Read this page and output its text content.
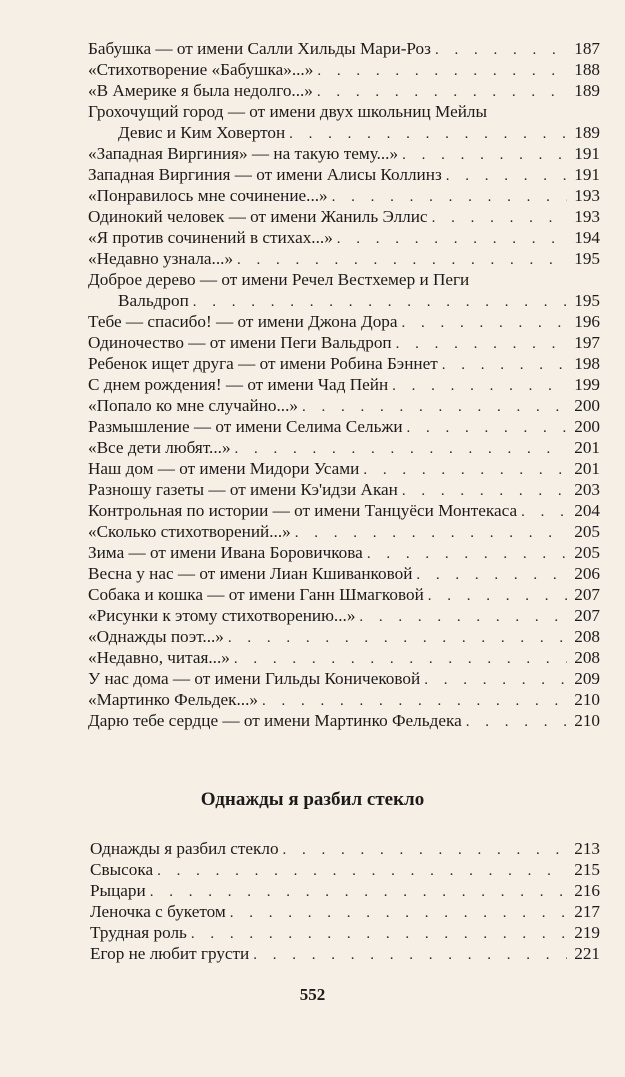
Бабушка — от имени Салли Хильды Мари-Роз . . .	187
«Стихотворение «Бабушка»...» . . .	188
«В Америке я была недолго...» . . .	189
Грохочущий город — от имени двух школьниц Мейлы
Девис и Ким Ховертон . . .	189
«Западная Виргиния» — на такую тему...» . . .	191
Западная Виргиния — от имени Алисы Коллинз . . .	191
«Понравилось мне сочинение...» . . .	193
Одинокий человек — от имени Жаниль Эллис . . .	193
«Я против сочинений в стихах...» . . .	194
«Недавно узнала...» . . .	195
Доброе дерево — от имени Речел Вестхемер и Пеги
Вальдроп . . .	195
Тебе — спасибо! — от имени Джона Дора . . .	196
Одиночество — от имени Пеги Вальдроп . . .	197
Ребенок ищет друга — от имени Робина Бэннет . . .	198
С днем рождения! — от имени Чад Пейн . . .	199
«Попало ко мне случайно...» . . .	200
Размышление — от имени Селима Сельжи . . .	200
«Все дети любят...» . . .	201
Наш дом — от имени Мидори Усами . . .	201
Разношу газеты — от имени Кэ'идзи Акан . . .	203
Контрольная по истории — от имени Танцуёси Монтекаса . . .	204
«Сколько стихотворений...» . . .	205
Зима — от имени Ивана Боровичкова . . .	205
Весна у нас — от имени Лиан Кшиванковой . . .	206
Собака и кошка — от имени Ганн Шмагковой . . .	207
«Рисунки к этому стихотворению...» . . .	207
«Однажды поэт...» . . .	208
«Недавно, читая...» . . .	208
У нас дома — от имени Гильды Коничековой . . .	209
«Мартинко Фельдек...» . . .	210
Дарю тебе сердце — от имени Мартинко Фельдека . . .	210
Однажды я разбил стекло
Однажды я разбил стекло . . .	213
Свысока . . .	215
Рыцари . . .	216
Леночка с букетом . . .	217
Трудная роль . . .	219
Егор не любит грусти . . .	221
552
